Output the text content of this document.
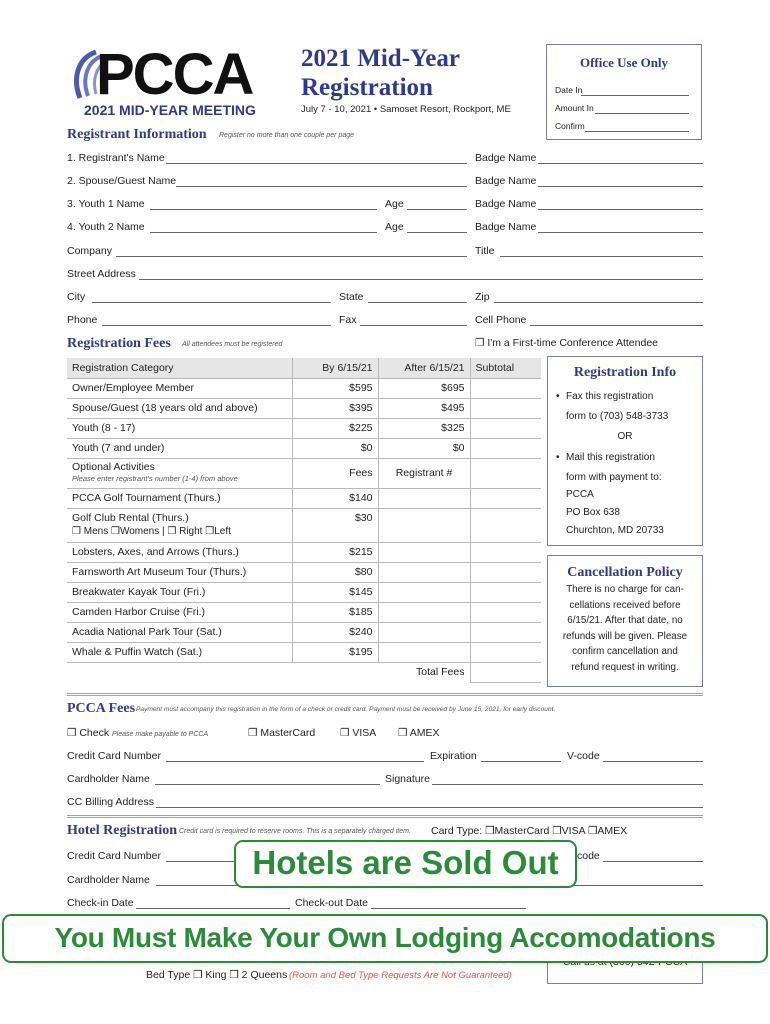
PCCA
2021 MID-YEAR MEETING
2021 Mid-Year
Registration
July 7 - 10, 2021 • Samoset Resort, Rockport, ME
Office Use Only
Date In
Amount In
Confirm
Registrant Information Register no more than one couple per page
1. Registrant's Name	Badge Name
2. Spouse/Guest Name	Badge Name
3. Youth 1 Name	Age	Badge Name
4. Youth 2 Name	Age	Badge Name
Company	Title
Street Address
City	State	Zip
Phone	Fax	Cell Phone
Registration Fees All attendees must be registered	❒ I'm a First-time Conference Attendee
Registration Category	By 6/15/21	After 6/15/21	Subtotal
Owner/Employee Member	$595	$695	
Spouse/Guest (18 years old and above)	$395	$495	
Youth (8 - 17)	$225	$325	
Youth (7 and under)	$0	$0	

Optional Activities
Please enter registrant's number (1-4) from above	Fees	Registrant #	
PCCA Golf Tournament (Thurs.)	$140		

Golf Club Rental (Thurs.)
❒ Mens ❒Womens | ❒ Right ❒Left	$30		
Lobsters, Axes, and Arrows (Thurs.)	$215		
Farnsworth Art Museum Tour (Thurs.)	$80		
Breakwater Kayak Tour (Fri.)	$145		
Camden Harbor Cruise (Fri.)	$185		
Acadia National Park Tour (Sat.)	$240		
Whale & Puffin Watch (Sat.)	$195		
		Total Fees	
Registration Info
• Fax this registration
form to (703) 548-3733
OR
• Mail this registration
form with payment to:
PCCA
PO Box 638
Churchton, MD 20733
Cancellation Policy
There is no charge for can-
cellations received before
6/15/21. After that date, no
refunds will be given. Please
confirm cancellation and
refund request in writing.
PCCA Fees Payment must accompany this registration in the form of a check or credit card. Payment must be received by June 15, 2021, for early discount.
❒ Check Please make payable to PCCA	❒ MasterCard ❒ VISA ❒ AMEX
Credit Card Number	Expiration	V-code
Cardholder Name	Signature
CC Billing Address
Hotel Registration Credit card is required to reserve rooms. This is a separately charged item. Card Type: ❒MasterCard ❒VISA ❒AMEX
Credit Card Number	code
Cardholder Name
Check-in Date	Check-out Date
Bed Type ❒ King ❒ 2 Queens (Room and Bed Type Requests Are Not Guaranteed)
Hotels are Sold Out
You Must Make Your Own Lodging Accomodations
